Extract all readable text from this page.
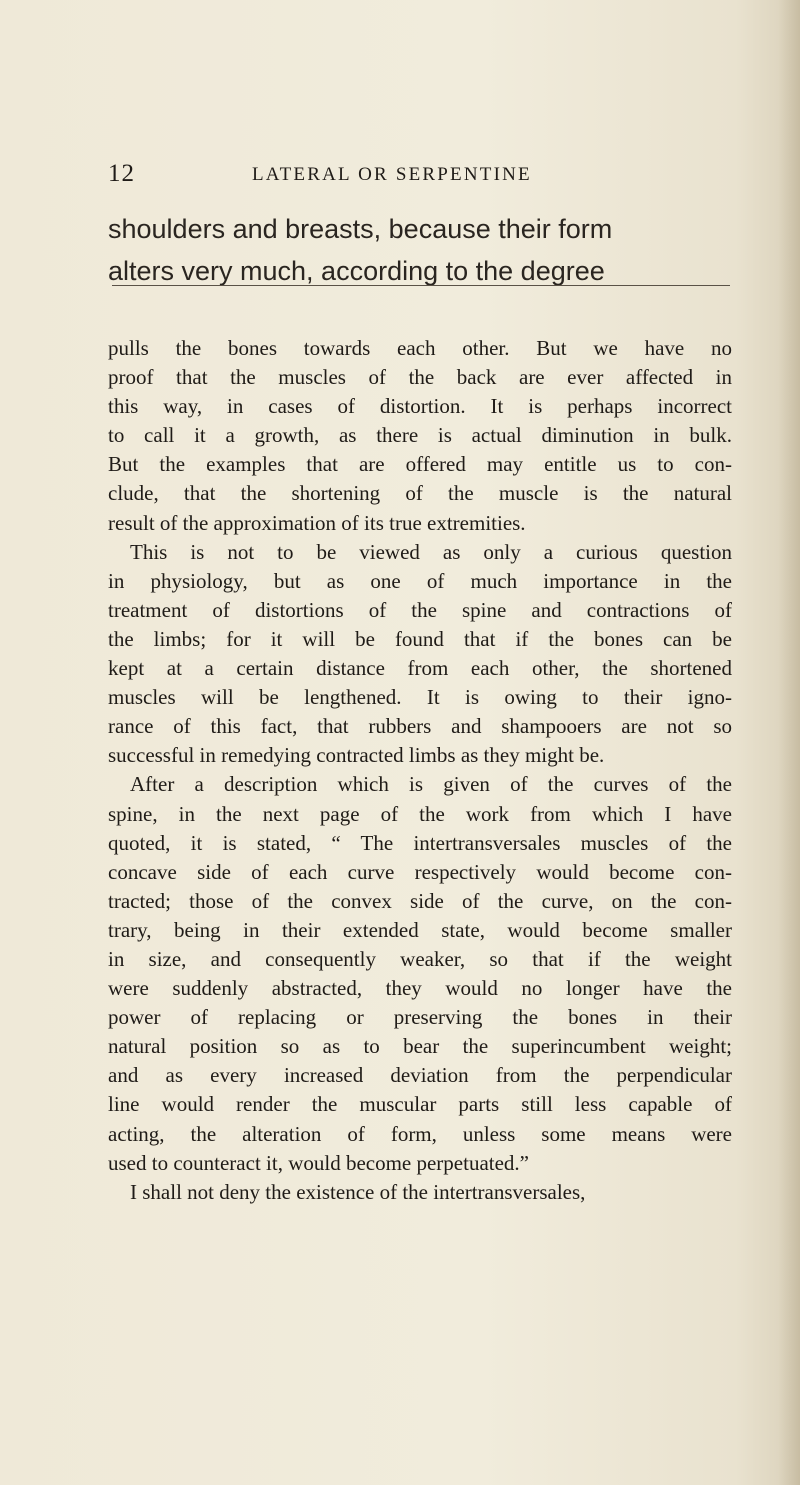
12	LATERAL OR SERPENTINE
shoulders and breasts, because their form
alters very much, according to the degree
pulls the bones towards each other. But we have no
proof that the muscles of the back are ever affected in
this way, in cases of distortion. It is perhaps incorrect
to call it a growth, as there is actual diminution in bulk.
But the examples that are offered may entitle us to con-
clude, that the shortening of the muscle is the natural
result of the approximation of its true extremities.
This is not to be viewed as only a curious question
in physiology, but as one of much importance in the
treatment of distortions of the spine and contractions of
the limbs; for it will be found that if the bones can be
kept at a certain distance from each other, the shortened
muscles will be lengthened. It is owing to their igno-
rance of this fact, that rubbers and shampooers are not so
successful in remedying contracted limbs as they might be.
After a description which is given of the curves of the
spine, in the next page of the work from which I have
quoted, it is stated, “ The intertransversales muscles of the
concave side of each curve respectively would become con-
tracted; those of the convex side of the curve, on the con-
trary, being in their extended state, would become smaller
in size, and consequently weaker, so that if the weight
were suddenly abstracted, they would no longer have the
power of replacing or preserving the bones in their
natural position so as to bear the superincumbent weight;
and as every increased deviation from the perpendicular
line would render the muscular parts still less capable of
acting, the alteration of form, unless some means were
used to counteract it, would become perpetuated.”
I shall not deny the existence of the intertransversales,
